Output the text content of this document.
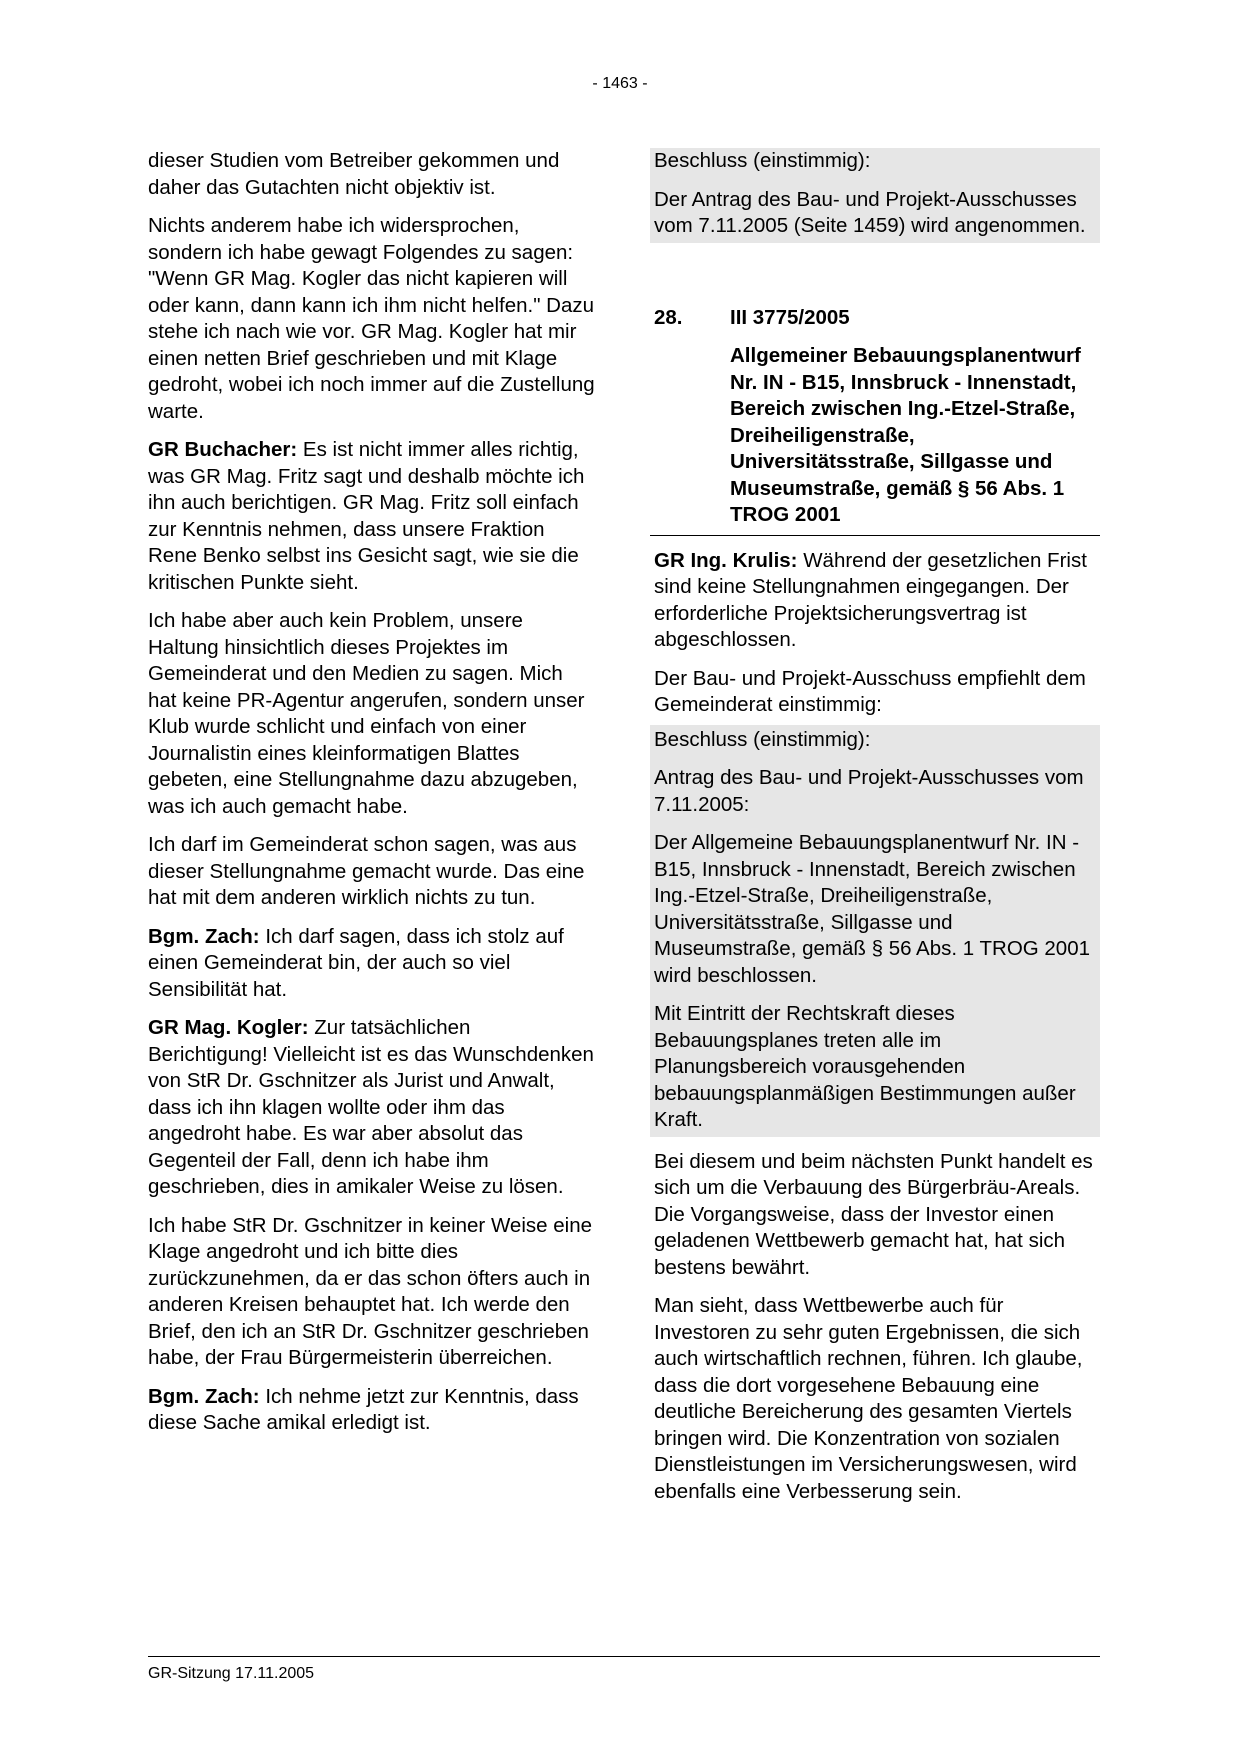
- 1463 -

dieser Studien vom Betreiber gekommen und daher das Gutachten nicht objektiv ist.

Nichts anderem habe ich widersprochen, sondern ich habe gewagt Folgendes zu sagen: "Wenn GR Mag. Kogler das nicht kapieren will oder kann, dann kann ich ihm nicht helfen." Dazu stehe ich nach wie vor. GR Mag. Kogler hat mir einen netten Brief geschrieben und mit Klage gedroht, wobei ich noch immer auf die Zustellung warte.

GR Buchacher: Es ist nicht immer alles richtig, was GR Mag. Fritz sagt und deshalb möchte ich ihn auch berichtigen. GR Mag. Fritz soll einfach zur Kenntnis nehmen, dass unsere Fraktion Rene Benko selbst ins Gesicht sagt, wie sie die kritischen Punkte sieht.

Ich habe aber auch kein Problem, unsere Haltung hinsichtlich dieses Projektes im Gemeinderat und den Medien zu sagen. Mich hat keine PR-Agentur angerufen, sondern unser Klub wurde schlicht und einfach von einer Journalistin eines kleinformatigen Blattes gebeten, eine Stellungnahme dazu abzugeben, was ich auch gemacht habe.

Ich darf im Gemeinderat schon sagen, was aus dieser Stellungnahme gemacht wurde. Das eine hat mit dem anderen wirklich nichts zu tun.

Bgm. Zach: Ich darf sagen, dass ich stolz auf einen Gemeinderat bin, der auch so viel Sensibilität hat.

GR Mag. Kogler: Zur tatsächlichen Berichtigung! Vielleicht ist es das Wunschdenken von StR Dr. Gschnitzer als Jurist und Anwalt, dass ich ihn klagen wollte oder ihm das angedroht habe. Es war aber absolut das Gegenteil der Fall, denn ich habe ihm geschrieben, dies in amikaler Weise zu lösen.

Ich habe StR Dr. Gschnitzer in keiner Weise eine Klage angedroht und ich bitte dies zurückzunehmen, da er das schon öfters auch in anderen Kreisen behauptet hat. Ich werde den Brief, den ich an StR Dr. Gschnitzer geschrieben habe, der Frau Bürgermeisterin überreichen.

Bgm. Zach: Ich nehme jetzt zur Kenntnis, dass diese Sache amikal erledigt ist.

Beschluss (einstimmig):

Der Antrag des Bau- und Projekt-Ausschusses vom 7.11.2005 (Seite 1459) wird angenommen.

28.	III 3775/2005
Allgemeiner Bebauungsplanentwurf Nr. IN - B15, Innsbruck - Innenstadt, Bereich zwischen Ing.-Etzel-Straße, Dreiheiligenstraße, Universitätsstraße, Sillgasse und Museumstraße, gemäß § 56 Abs. 1 TROG 2001

GR Ing. Krulis: Während der gesetzlichen Frist sind keine Stellungnahmen eingegangen. Der erforderliche Projektsicherungsvertrag ist abgeschlossen.

Der Bau- und Projekt-Ausschuss empfiehlt dem Gemeinderat einstimmig:

Beschluss (einstimmig):

Antrag des Bau- und Projekt-Ausschusses vom 7.11.2005:

Der Allgemeine Bebauungsplanentwurf Nr. IN - B15, Innsbruck - Innenstadt, Bereich zwischen Ing.-Etzel-Straße, Dreiheiligenstraße, Universitätsstraße, Sillgasse und Museumstraße, gemäß § 56 Abs. 1 TROG 2001 wird beschlossen.

Mit Eintritt der Rechtskraft dieses Bebauungsplanes treten alle im Planungsbereich vorausgehenden bebauungsplanmäßigen Bestimmungen außer Kraft.

Bei diesem und beim nächsten Punkt handelt es sich um die Verbauung des Bürgerbräu-Areals. Die Vorgangsweise, dass der Investor einen geladenen Wettbewerb gemacht hat, hat sich bestens bewährt.

Man sieht, dass Wettbewerbe auch für Investoren zu sehr guten Ergebnissen, die sich auch wirtschaftlich rechnen, führen. Ich glaube, dass die dort vorgesehene Bebauung eine deutliche Bereicherung des gesamten Viertels bringen wird. Die Konzentration von sozialen Dienstleistungen im Versicherungswesen, wird ebenfalls eine Verbesserung sein.

GR-Sitzung 17.11.2005
